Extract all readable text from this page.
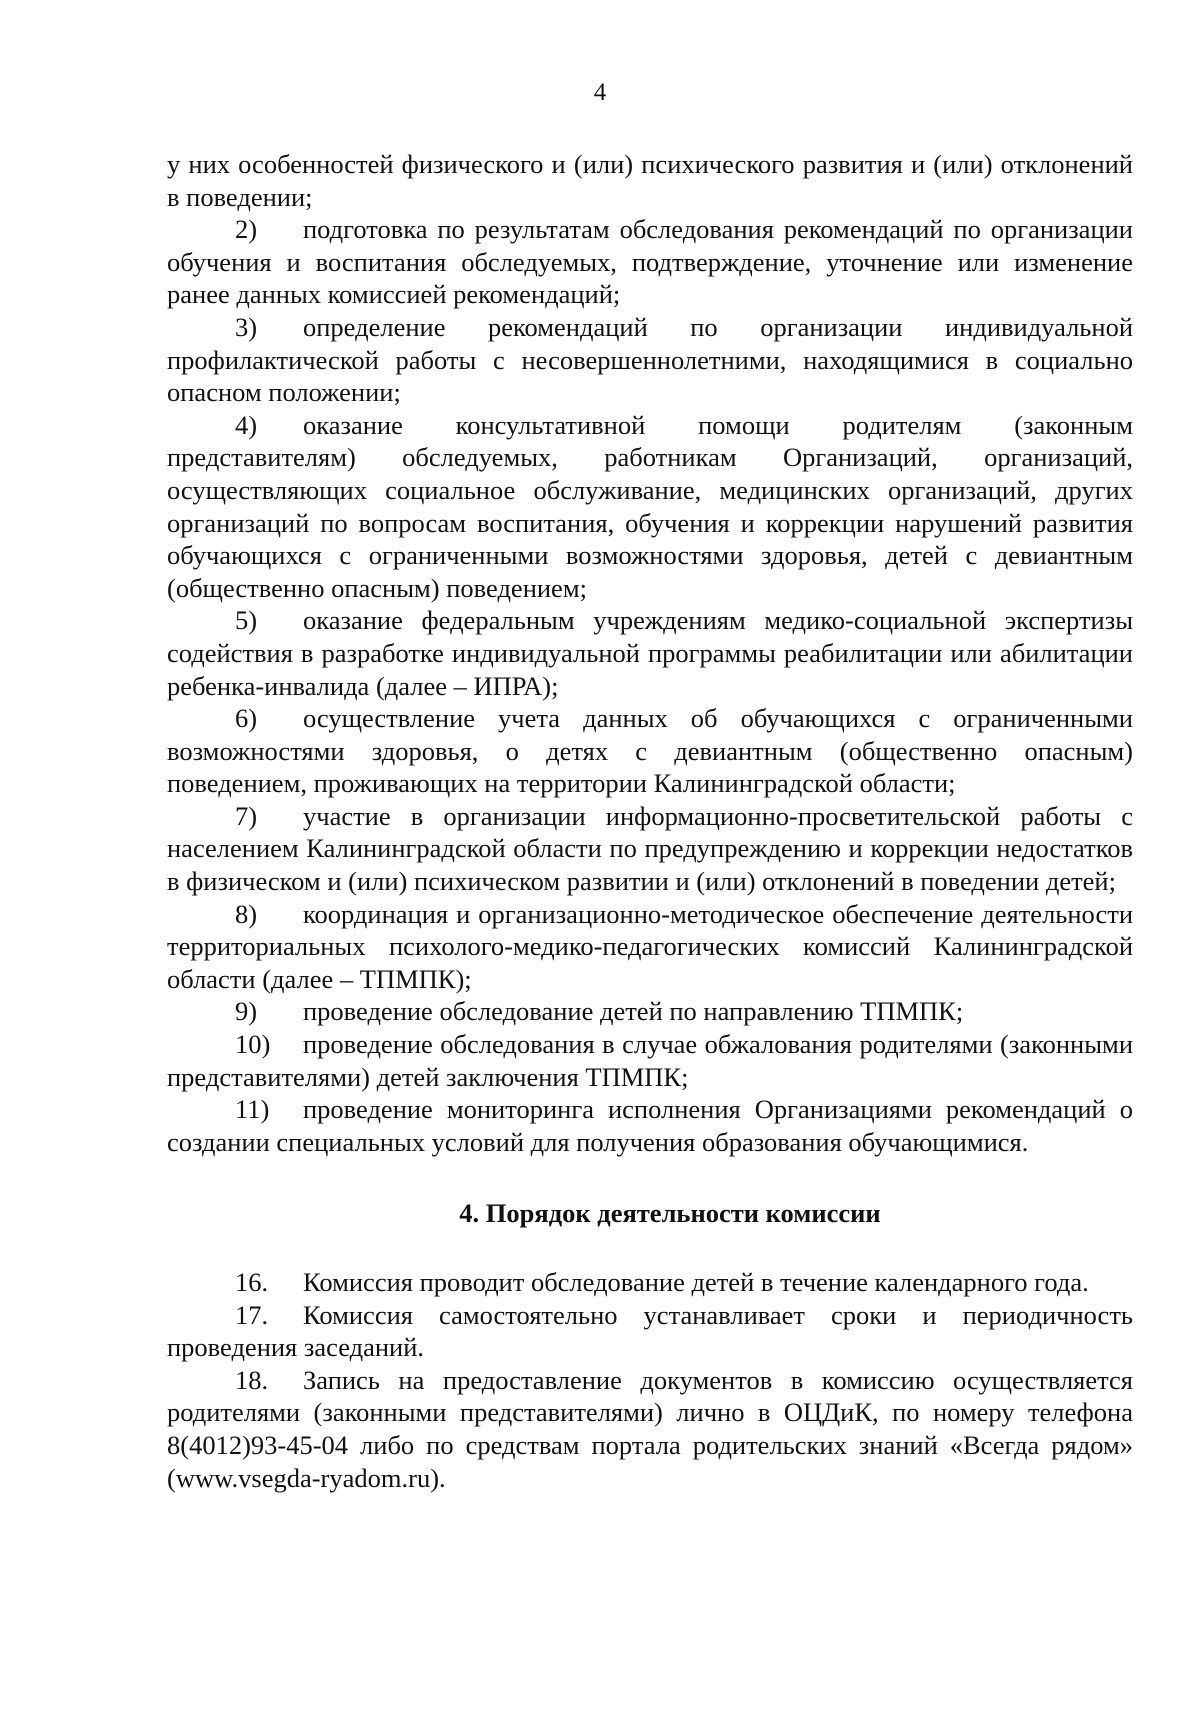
4

у них особенностей физического и (или) психического развития и (или) отклонений в поведении;

2) подготовка по результатам обследования рекомендаций по организации обучения и воспитания обследуемых, подтверждение, уточнение или изменение ранее данных комиссией рекомендаций;

3) определение рекомендаций по организации индивидуальной профилактической работы с несовершеннолетними, находящимися в социально опасном положении;

4) оказание консультативной помощи родителям (законным представителям) обследуемых, работникам Организаций, организаций, осуществляющих социальное обслуживание, медицинских организаций, других организаций по вопросам воспитания, обучения и коррекции нарушений развития обучающихся с ограниченными возможностями здоровья, детей с девиантным (общественно опасным) поведением;

5) оказание федеральным учреждениям медико-социальной экспертизы содействия в разработке индивидуальной программы реабилитации или абилитации ребенка-инвалида (далее – ИПРА);

6) осуществление учета данных об обучающихся с ограниченными возможностями здоровья, о детях с девиантным (общественно опасным) поведением, проживающих на территории Калининградской области;

7) участие в организации информационно-просветительской работы с населением Калининградской области по предупреждению и коррекции недостатков в физическом и (или) психическом развитии и (или) отклонений в поведении детей;

8) координация и организационно-методическое обеспечение деятельности территориальных психолого-медико-педагогических комиссий Калининградской области (далее – ТПМПК);

9) проведение обследование детей по направлению ТПМПК;

10) проведение обследования в случае обжалования родителями (законными представителями) детей заключения ТПМПК;

11) проведение мониторинга исполнения Организациями рекомендаций о создании специальных условий для получения образования обучающимися.

4. Порядок деятельности комиссии

16. Комиссия проводит обследование детей в течение календарного года.

17. Комиссия самостоятельно устанавливает сроки и периодичность проведения заседаний.

18. Запись на предоставление документов в комиссию осуществляется родителями (законными представителями) лично в ОЦДиК, по номеру телефона 8(4012)93-45-04 либо по средствам портала родительских знаний «Всегда рядом» (www.vsegda-ryadom.ru).
